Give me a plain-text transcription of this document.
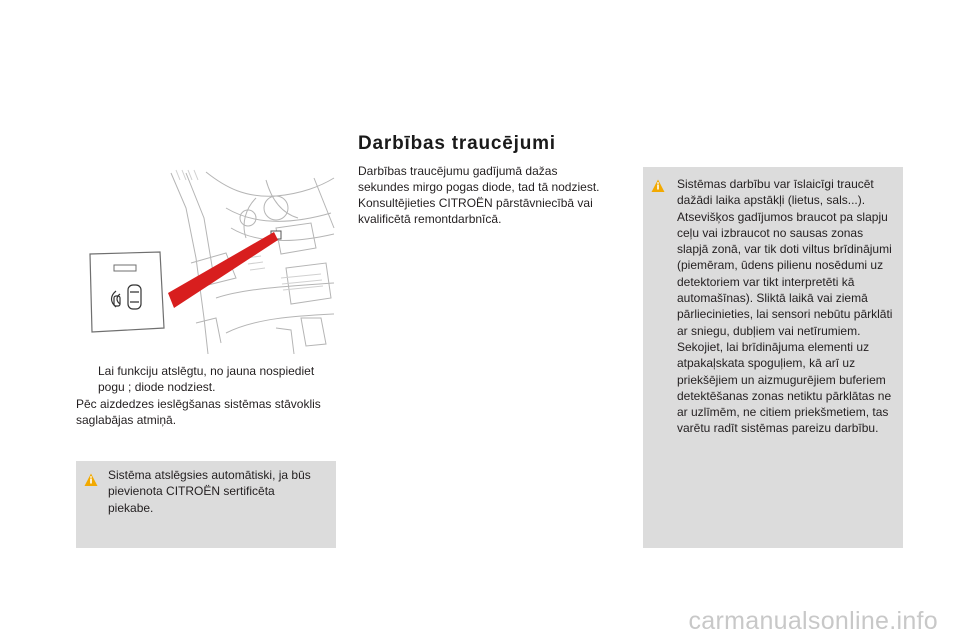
Lai funkciju atslēgtu, no jauna nospiediet pogu ; diode nodziest.
Pēc aizdedzes ieslēgšanas sistēmas stāvoklis saglabājas atmiņā.
Sistēma atslēgsies automātiski, ja būs pievienota CITROËN sertificēta piekabe.
Darbības traucējumi
Darbības traucējumu gadījumā dažas sekundes mirgo pogas diode, tad tā nodziest. Konsultējieties CITROËN pārstāvniecībā vai kvalificētā remontdarbnīcā.
Sistēmas darbību var īslaicīgi traucēt dažādi laika apstākļi (lietus, sals...). Atsevišķos gadījumos braucot pa slapju ceļu vai izbraucot no sausas zonas slapjā zonā, var tik doti viltus brīdinājumi (piemēram, ūdens pilienu nosēdumi uz detektoriem var tikt interpretēti kā automašīnas). Sliktā laikā vai ziemā pārliecinieties, lai sensori nebūtu pārklāti ar sniegu, dubļiem vai netīrumiem. Sekojiet, lai brīdinājuma elementi uz atpakaļskata spoguļiem, kā arī uz priekšējiem un aizmugurējiem buferiem detektēšanas zonas netiktu pārklātas ne ar uzlīmēm, ne citiem priekšmetiem, tas varētu radīt sistēmas pareizu darbību.
carmanualsonline.info
